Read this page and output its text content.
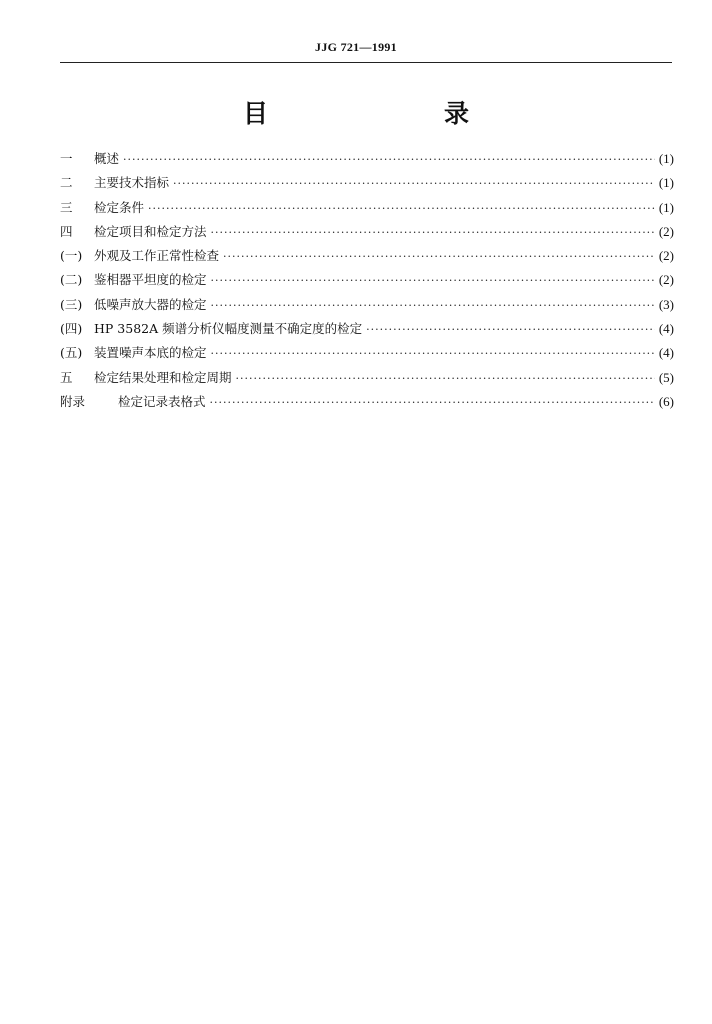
JJG 721—1991
目　　录
一	概述 ·····	(1)
二	主要技术指标 ·····	(1)
三	检定条件 ·····	(1)
四	检定项目和检定方法 ·····	(2)
(一) 外观及工作正常性检查 ·····	(2)
(二) 鉴相器平坦度的检定 ·····	(2)
(三) 低噪声放大器的检定 ·····	(3)
(四) HP 3582A 频谱分析仪幅度测量不确定度的检定 ·····	(4)
(五) 装置噪声本底的检定 ·····	(4)
五	检定结果处理和检定周期 ·····	(5)
附录	检定记录表格式 ·····	(6)
